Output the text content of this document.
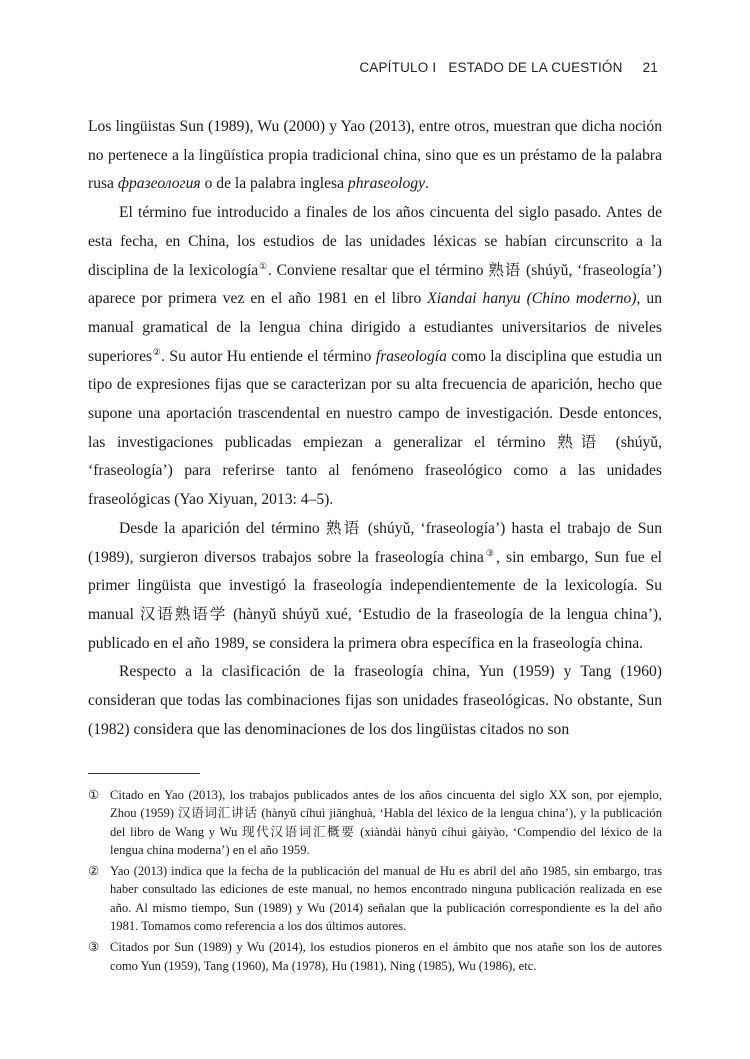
CAPÍTULO I ESTADO DE LA CUESTIÓN 21

Los lingüistas Sun (1989), Wu (2000) y Yao (2013), entre otros, muestran que dicha noción no pertenece a la lingüística propia tradicional china, sino que es un préstamo de la palabra rusa фразеология o de la palabra inglesa phraseology.

El término fue introducido a finales de los años cincuenta del siglo pasado. Antes de esta fecha, en China, los estudios de las unidades léxicas se habían circunscrito a la disciplina de la lexicología①. Conviene resaltar que el término 熟语 (shúyǔ, ‘fraseología’) aparece por primera vez en el año 1981 en el libro Xiandai hanyu (Chino moderno), un manual gramatical de la lengua china dirigido a estudiantes universitarios de niveles superiores②. Su autor Hu entiende el término fraseología como la disciplina que estudia un tipo de expresiones fijas que se caracterizan por su alta frecuencia de aparición, hecho que supone una aportación trascendental en nuestro campo de investigación. Desde entonces, las investigaciones publicadas empiezan a generalizar el término 熟语 (shúyǔ, ‘fraseología’) para referirse tanto al fenómeno fraseológico como a las unidades fraseológicas (Yao Xiyuan, 2013: 4–5).

Desde la aparición del término 熟语 (shúyǔ, ‘fraseología’) hasta el trabajo de Sun (1989), surgieron diversos trabajos sobre la fraseología china③, sin embargo, Sun fue el primer lingüista que investigó la fraseología independientemente de la lexicología. Su manual 汉语熟语学 (hànyǔ shúyǔ xué, ‘Estudio de la fraseología de la lengua china’), publicado en el año 1989, se considera la primera obra específica en la fraseología china.

Respecto a la clasificación de la fraseología china, Yun (1959) y Tang (1960) consideran que todas las combinaciones fijas son unidades fraseológicas. No obstante, Sun (1982) considera que las denominaciones de los dos lingüistas citados no son

① Citado en Yao (2013), los trabajos publicados antes de los años cincuenta del siglo XX son, por ejemplo, Zhou (1959) 汉语词汇讲话 (hànyǔ cíhuì jiǎnghuà, ‘Habla del léxico de la lengua china’), y la publicación del libro de Wang y Wu 现代汉语词汇概要 (xiàndài hànyǔ cíhuì gàiyào, ‘Compendio del léxico de la lengua china moderna’) en el año 1959.
② Yao (2013) indica que la fecha de la publicación del manual de Hu es abril del año 1985, sin embargo, tras haber consultado las ediciones de este manual, no hemos encontrado ninguna publicación realizada en ese año. Al mismo tiempo, Sun (1989) y Wu (2014) señalan que la publicación correspondiente es la del año 1981. Tomamos como referencia a los dos últimos autores.
③ Citados por Sun (1989) y Wu (2014), los estudios pioneros en el ámbito que nos atañe son los de autores como Yun (1959), Tang (1960), Ma (1978), Hu (1981), Ning (1985), Wu (1986), etc.
